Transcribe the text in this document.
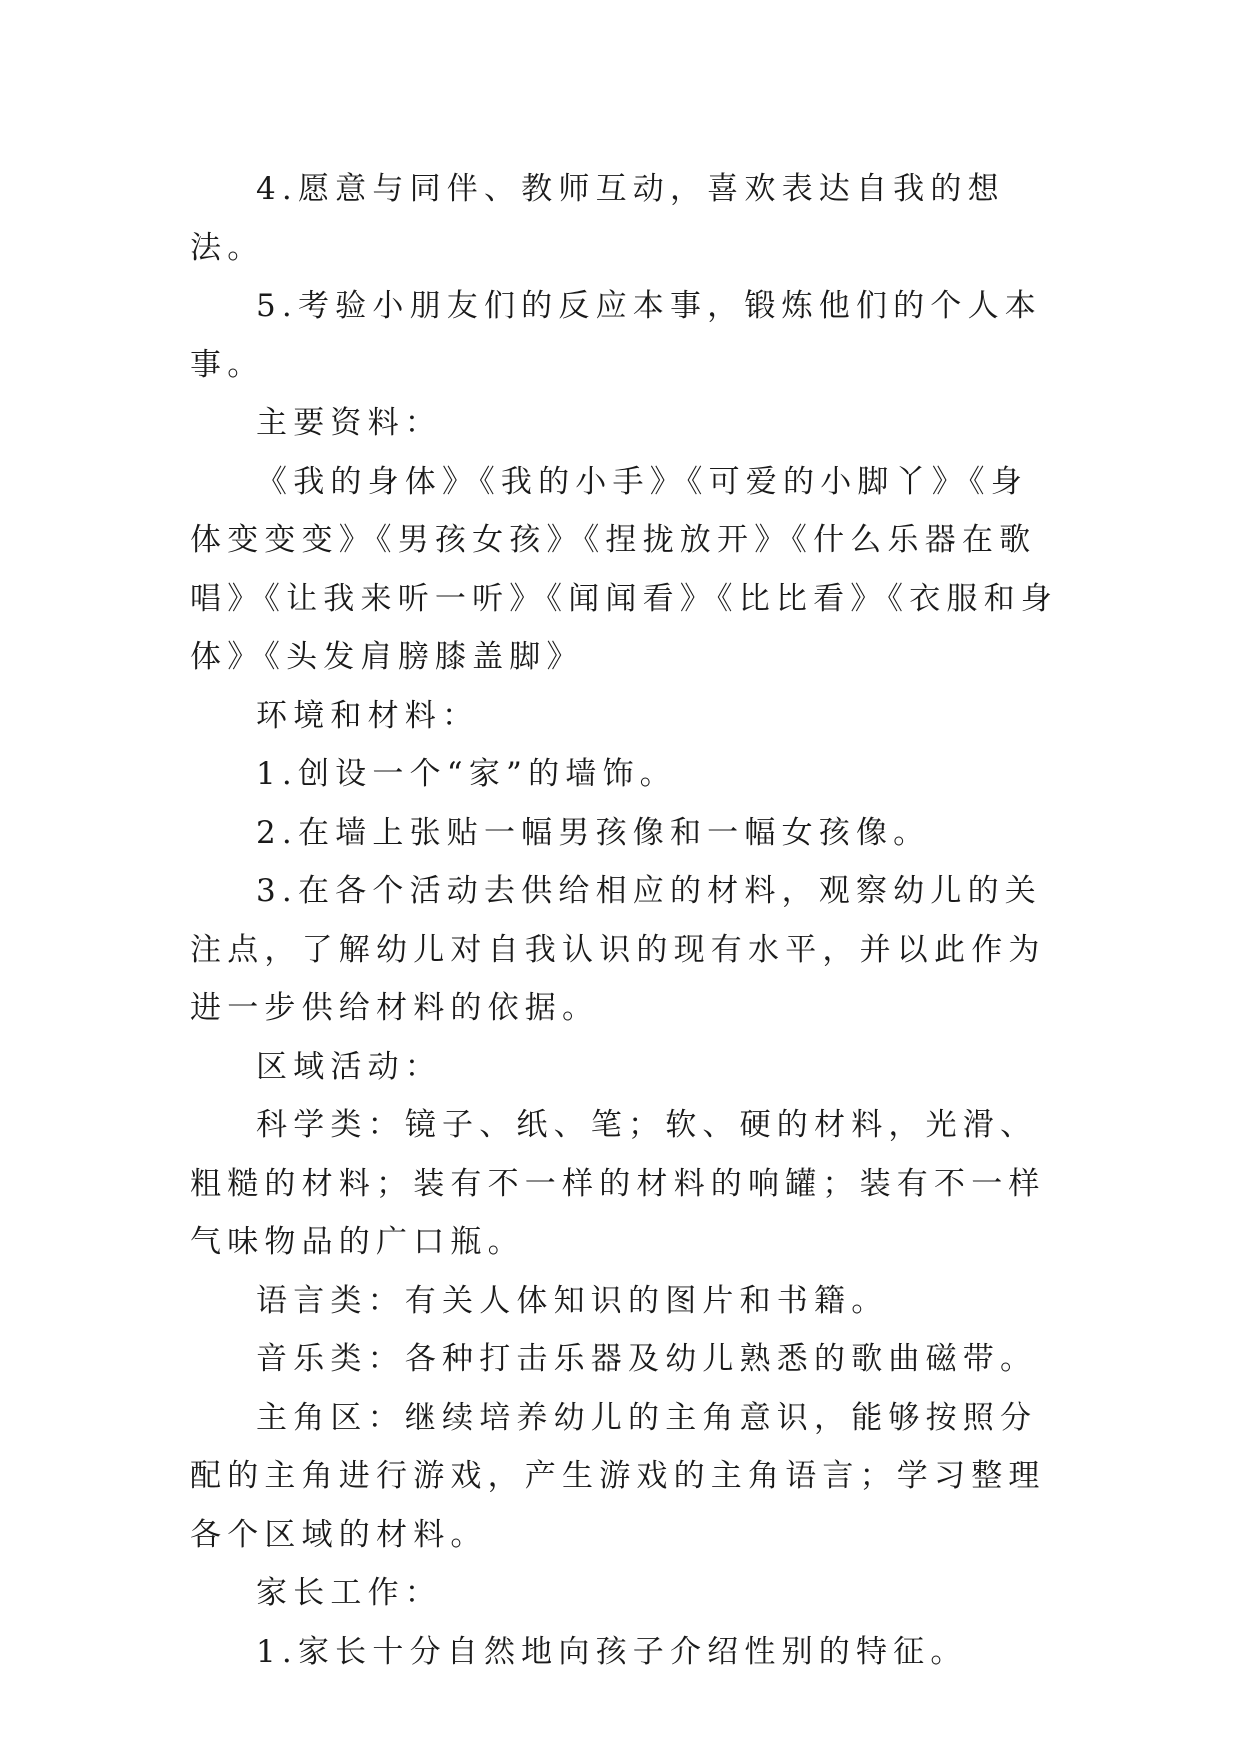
4.愿意与同伴、教师互动，喜欢表达自我的想法。

5.考验小朋友们的反应本事，锻炼他们的个人本事。

主要资料：

《我的身体》《我的小手》《可爱的小脚丫》《身体变变变》《男孩女孩》《捏拢放开》《什么乐器在歌唱》《让我来听一听》《闻闻看》《比比看》《衣服和身体》《头发肩膀膝盖脚》

环境和材料：

1.创设一个“家”的墙饰。

2.在墙上张贴一幅男孩像和一幅女孩像。

3.在各个活动去供给相应的材料，观察幼儿的关注点，了解幼儿对自我认识的现有水平，并以此作为进一步供给材料的依据。

区域活动：

科学类：镜子、纸、笔；软、硬的材料，光滑、粗糙的材料；装有不一样的材料的响罐；装有不一样气味物品的广口瓶。

语言类：有关人体知识的图片和书籍。

音乐类：各种打击乐器及幼儿熟悉的歌曲磁带。

主角区：继续培养幼儿的主角意识，能够按照分配的主角进行游戏，产生游戏的主角语言；学习整理各个区域的材料。

家长工作：

1.家长十分自然地向孩子介绍性别的特征。
